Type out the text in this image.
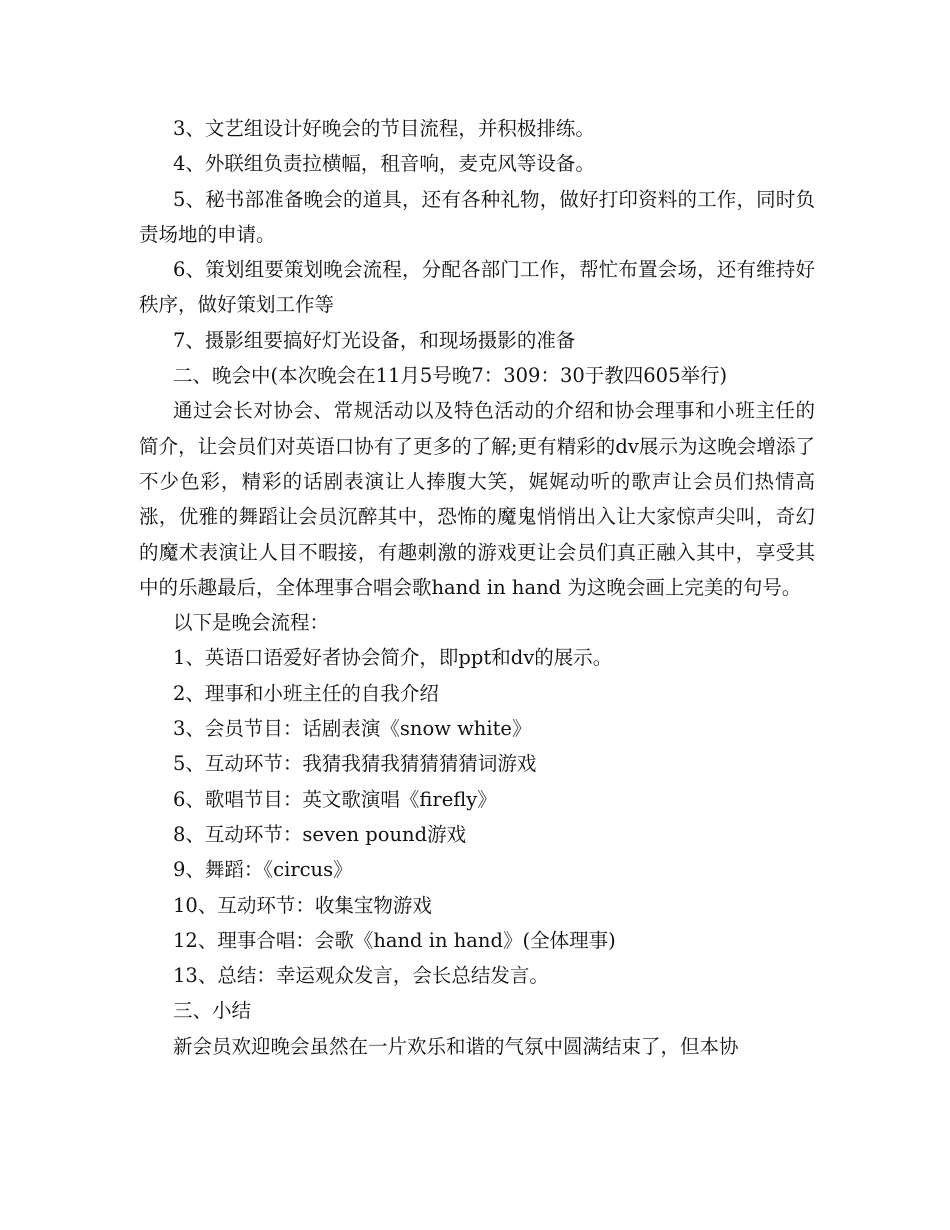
3、文艺组设计好晚会的节目流程，并积极排练。

4、外联组负责拉横幅，租音响，麦克风等设备。

5、秘书部准备晚会的道具，还有各种礼物，做好打印资料的工作，同时负责场地的申请。

6、策划组要策划晚会流程，分配各部门工作，帮忙布置会场，还有维持好秩序，做好策划工作等

7、摄影组要搞好灯光设备，和现场摄影的准备

二、晚会中(本次晚会在11月5号晚7：309：30于教四605举行)

通过会长对协会、常规活动以及特色活动的介绍和协会理事和小班主任的简介，让会员们对英语口协有了更多的了解;更有精彩的dv展示为这晚会增添了不少色彩，精彩的话剧表演让人捧腹大笑，娓娓动听的歌声让会员们热情高涨，优雅的舞蹈让会员沉醉其中，恐怖的魔鬼悄悄出入让大家惊声尖叫，奇幻的魔术表演让人目不暇接，有趣刺激的游戏更让会员们真正融入其中，享受其中的乐趣最后，全体理事合唱会歌hand in hand 为这晚会画上完美的句号。

以下是晚会流程：

1、英语口语爱好者协会简介，即ppt和dv的展示。

2、理事和小班主任的自我介绍

3、会员节目：话剧表演《snow white》

5、互动环节：我猜我猜我猜猜猜猜词游戏

6、歌唱节目：英文歌演唱《firefly》

8、互动环节：seven pound游戏

9、舞蹈：《circus》

10、互动环节：收集宝物游戏

12、理事合唱：会歌《hand in hand》(全体理事)

13、总结：幸运观众发言，会长总结发言。

三、小结

新会员欢迎晚会虽然在一片欢乐和谐的气氛中圆满结束了，但本协
